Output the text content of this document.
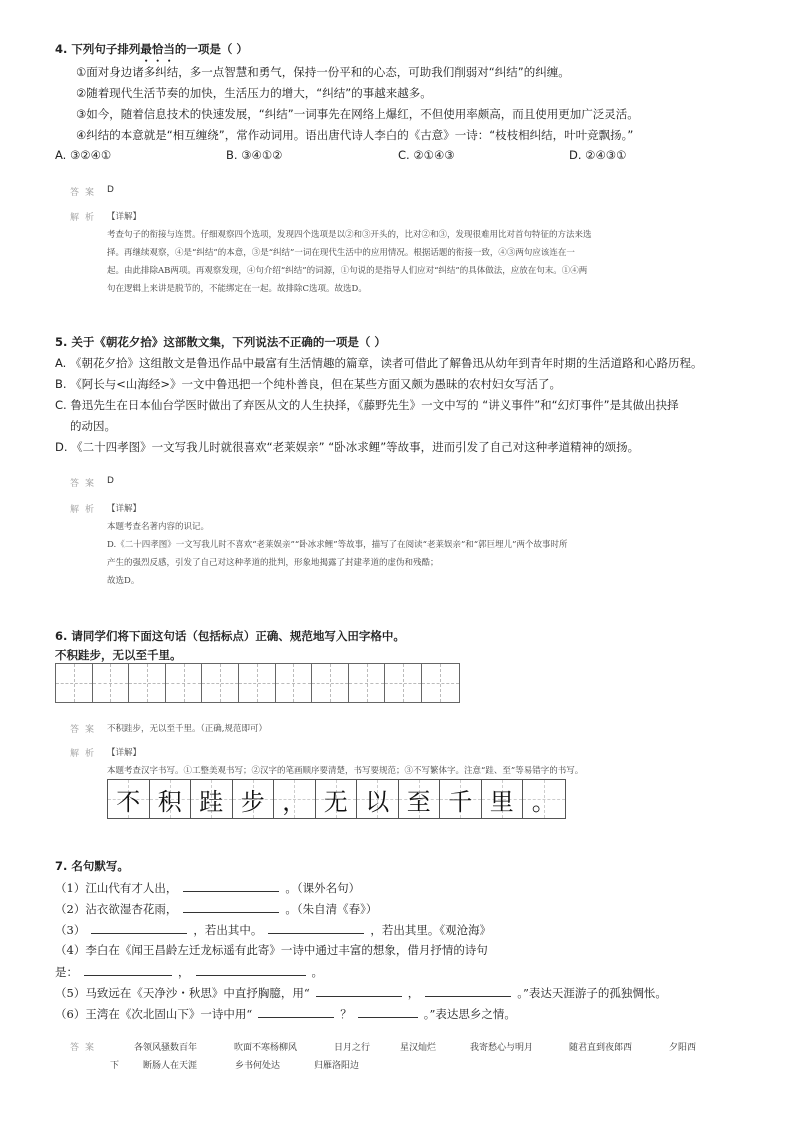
4. 下列句子排列最恰当的一项是（ ）
①面对身边诸多纠结，多一点智慧和勇气，保持一份平和的心态，可助我们削弱对“纠结”的纠缠。
②随着现代生活节奏的加快，生活压力的增大，“纠结”的事越来越多。
③如今，随着信息技术的快速发展，“纠结”一词事先在网络上爆红，不但使用率颇高，而且使用更加广泛灵活。
④纠结的本意就是“相互缠绕”，常作动词用。语出唐代诗人李白的《古意》一诗：“枝枝相纠结，叶叶竞飘扬。”
A. ③②④①	B. ③④①②	C. ②①④③	D. ②④③①
答案 D
解析 【详解】
考查句子的衔接与连贯。仔细观察四个选项，发现四个选项是以②和③开头的，比对②和③，发现很难用比对首句特征的方法来选
择。再继续观察，④是“纠结”的本意，③是“纠结”一词在现代生活中的应用情况。根据话题的衔接一致，④③两句应该连在一
起。由此排除AB两项。再观察发现，④句介绍“纠结”的词源，①句说的是指导人们应对“纠结”的具体做法，应放在句末。①④两
句在逻辑上来讲是脱节的，不能绑定在一起。故排除C选项。故选D。
5. 关于《朝花夕拾》这部散文集，下列说法不正确的一项是（ ）
A. 《朝花夕拾》这组散文是鲁迅作品中最富有生活情趣的篇章，读者可借此了解鲁迅从幼年到青年时期的生活道路和心路历程。
B. 《阿长与<山海经>》一文中鲁迅把一个纯朴善良，但在某些方面又颇为愚昧的农村妇女写活了。
C. 鲁迅先生在日本仙台学医时做出了弃医从文的人生抉择，《藤野先生》一文中写的 “讲义事件”和“幻灯事件”是其做出抉择
的动因。
D. 《二十四孝图》一文写我儿时就很喜欢“老莱娱亲” “卧冰求鲤”等故事，进而引发了自己对这种孝道精神的颂扬。
答案 D
解析 【详解】
本题考查名著内容的识记。
D.《二十四孝图》一文写我儿时不喜欢“老莱娱亲”“卧冰求鲤”等故事，描写了在阅读“老莱娱亲”和“郭巨埋儿”两个故事时所
产生的强烈反感，引发了自己对这种孝道的批判，形象地揭露了封建孝道的虚伪和残酷；
故选D。
6. 请同学们将下面这句话（包括标点）正确、规范地写入田字格中。
不积跬步，无以至千里。
答案 不积跬步，无以至千里。（正确,规范即可）
解析 【详解】
本题考查汉字书写。①工整美观书写；②汉字的笔画顺序要清楚，书写要规范；③不写繁体字。注意“跬、至”等易错字的书写。
不 积 跬 步 ， 无 以 至 千 里 。
7. 名句默写。
（1）江山代有才人出，	。（课外名句）
（2）沾衣欲湿杏花雨，	。（朱自清《春》）
（3）	，若出其中。	，若出其里。《观沧海》
（4）李白在《闻王昌龄左迁龙标遥有此寄》一诗中通过丰富的想象，借月抒情的诗句
是：	，	。
（5）马致远在《天净沙・秋思》中直抒胸臆，用“	，	。”表达天涯游子的孤独惆怅。
（6）王湾在《次北固山下》一诗中用“	？	。”表达思乡之情。
答案	各领风骚数百年	吹面不寒杨柳风	日月之行	星汉灿烂	我寄愁心与明月	随君直到夜郎西	夕阳西
下	断肠人在天涯	乡书何处达	归雁洛阳边
